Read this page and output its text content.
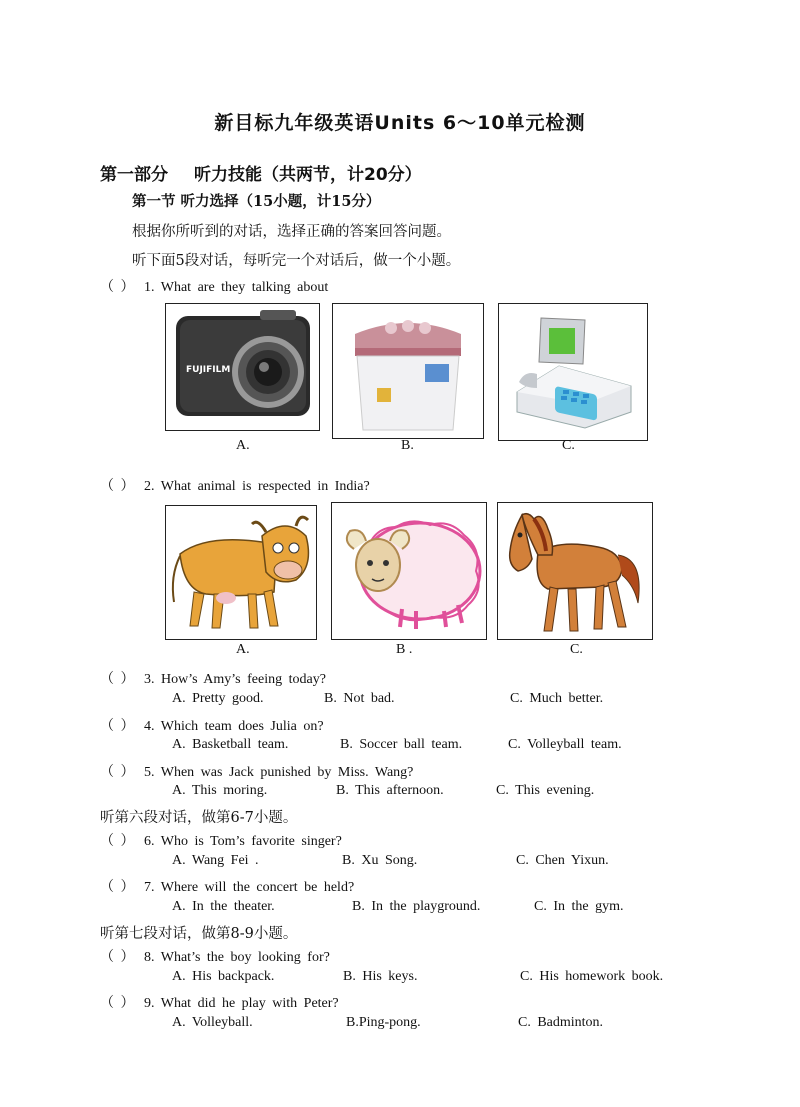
新目标九年级英语Units 6～10单元检测
第一部分 听力技能（共两节，计20分）
第一节 听力选择（15小题，计15分）
根据你所听到的对话，选择正确的答案回答问题。
听下面5段对话，每听完一个对话后，做一个小题。
（ ） 1. What are they talking about
FUJIFILM
A.	B.	C.
（ ） 2. What animal is respected in India?
A.	B .	C.
（ ） 3. How’s Amy’s feeing today?
A. Pretty good.	B. Not bad.	C. Much better.
（ ） 4. Which team does Julia on?
A. Basketball team.	B. Soccer ball team.	C. Volleyball team.
（ ） 5. When was Jack punished by Miss. Wang?
A. This moring.	B. This afternoon.	C. This evening.
听第六段对话，做第6-7小题。
（ ） 6. Who is Tom’s favorite singer?
A. Wang Fei .	B. Xu Song.	C. Chen Yixun.
（ ） 7. Where will the concert be held?
A. In the theater.	B. In the playground.	C. In the gym.
听第七段对话，做第8-9小题。
（ ） 8. What’s the boy looking for?
A. His backpack.	B. His keys.	C. His homework book.
（ ） 9. What did he play with Peter?
A. Volleyball.	B.Ping-pong.	C. Badminton.
